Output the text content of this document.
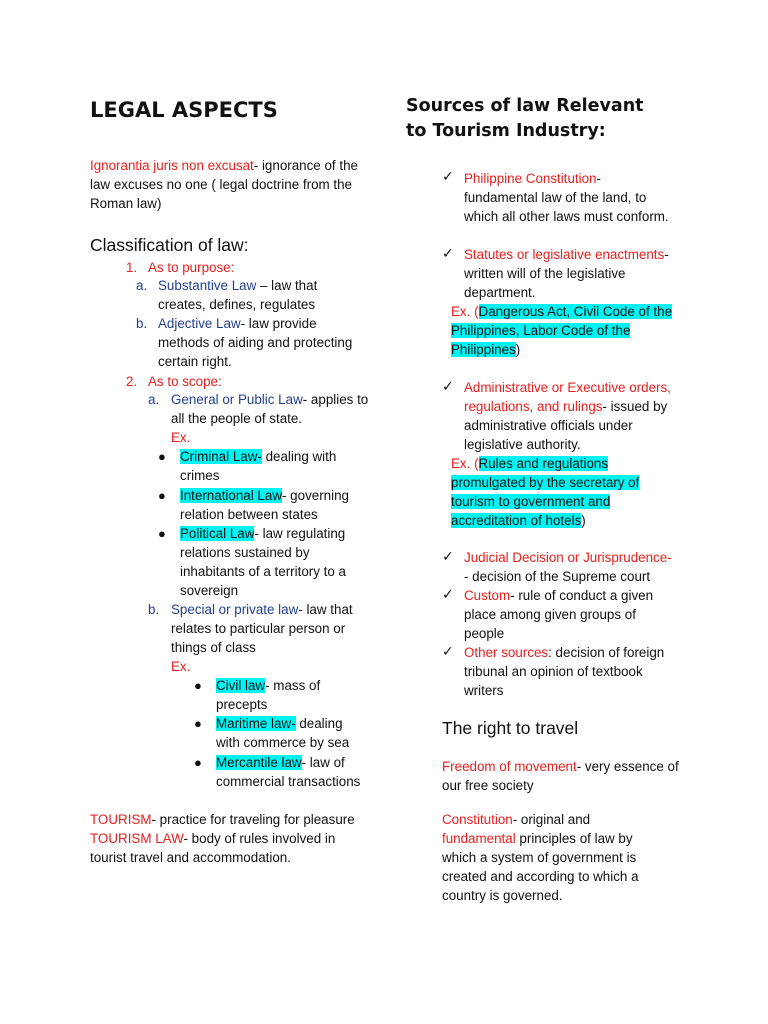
LEGAL ASPECTS

Ignorantia juris non excusat- ignorance of the law excuses no one ( legal doctrine from the Roman law)

Classification of law:
1. As to purpose:
a. Substantive Law – law that creates, defines, regulates

b. Adjective Law- law provide methods of aiding and protecting certain right.

2. As to scope:
a. General or Public Law- applies to all the people of state.

Ex.
● Criminal Law- dealing with crimes

● International Law- governing relation between states

● Political Law- law regulating relations sustained by inhabitants of a territory to a sovereign

b. Special or private law- law that relates to particular person or things of class

Ex.
● Civil law- mass of precepts

● Maritime law- dealing with commerce by sea

● Mercantile law- law of commercial transactions

TOURISM- practice for traveling for pleasure

TOURISM LAW- body of rules involved in tourist travel and accommodation.

Sources of law Relevant to Tourism Industry:
✓ Philippine Constitution- fundamental law of the land, to which all other laws must conform.

✓ Statutes or legislative enactments- written will of the legislative department.

Ex. (Dangerous Act, Civil Code of the Philippines, Labor Code of the Philippines)

✓ Administrative or Executive orders, regulations, and rulings- issued by administrative officials under legislative authority.

Ex. (Rules and regulations promulgated by the secretary of tourism to government and accreditation of hotels)

✓ Judicial Decision or Jurisprudence-
- decision of the Supreme court

✓ Custom- rule of conduct a given place among given groups of people

✓ Other sources: decision of foreign tribunal an opinion of textbook writers

The right to travel

Freedom of movement- very essence of our free society

Constitution- original and fundamental principles of law by which a system of government is created and according to which a country is governed.
